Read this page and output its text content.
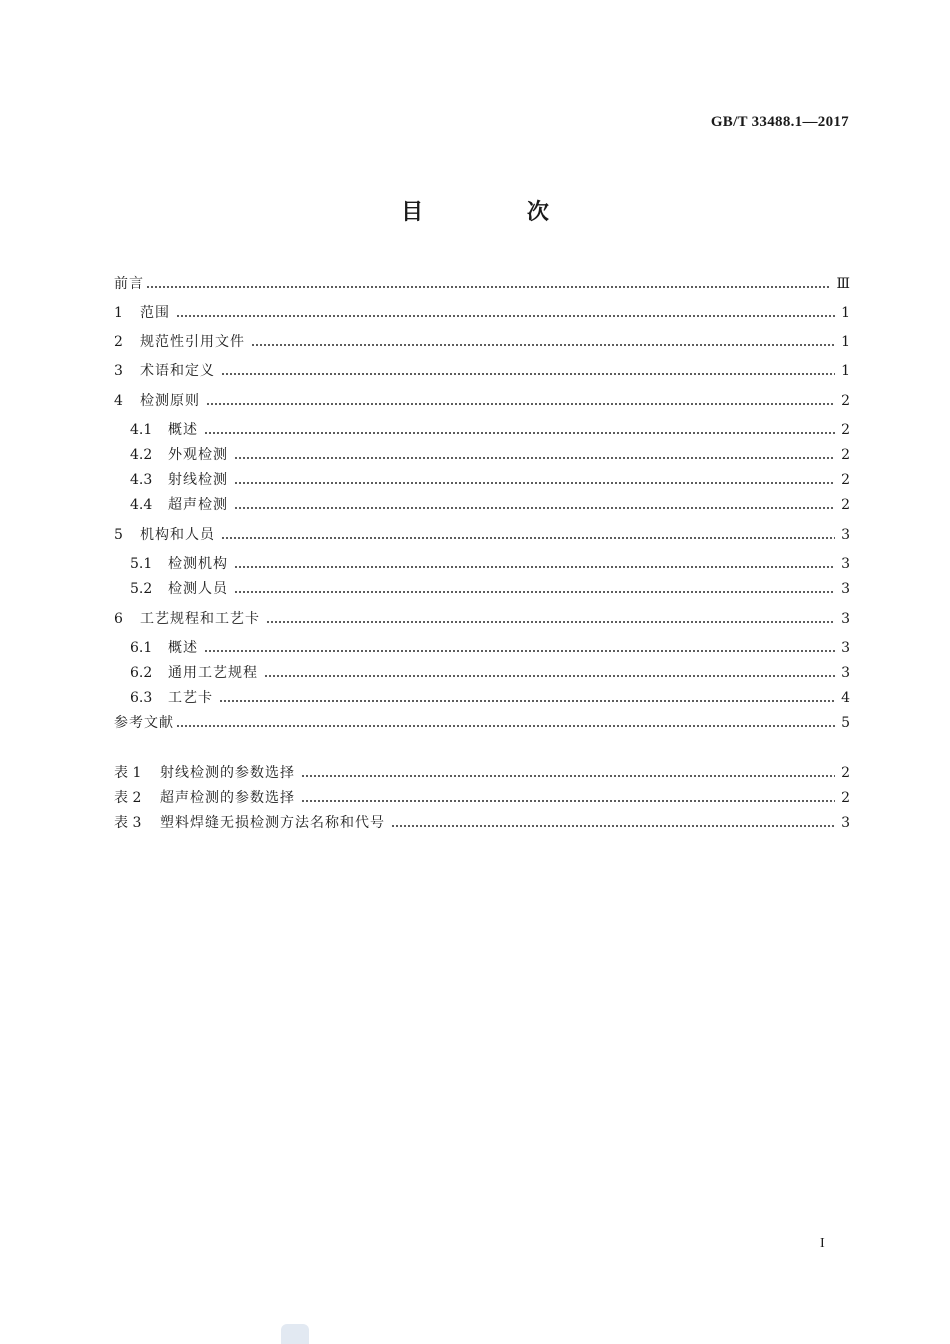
GB/T 33488.1—2017
目 次
前言	Ⅲ
1	范围	1
2	规范性引用文件	1
3	术语和定义	1
4	检测原则	2
4.1	概述	2
4.2	外观检测	2
4.3	射线检测	2
4.4	超声检测	2
5	机构和人员	3
5.1	检测机构	3
5.2	检测人员	3
6	工艺规程和工艺卡	3
6.1	概述	3
6.2	通用工艺规程	3
6.3	工艺卡	4
参考文献	5
表 1	射线检测的参数选择	2
表 2	超声检测的参数选择	2
表 3	塑料焊缝无损检测方法名称和代号	3
I
